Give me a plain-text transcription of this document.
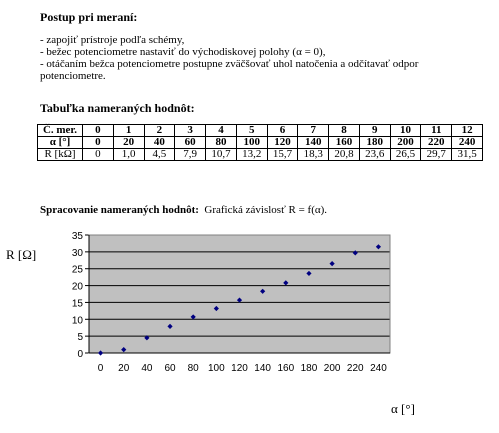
Postup pri meraní:
- zapojiť prístroje podľa schémy,
- bežec potenciometre nastaviť do východiskovej polohy (α = 0),
- otáčaním bežca potenciometre postupne zväčšovať uhol natočenia a odčítavať odpor potenciometre.
Tabuľka nameraných hodnôt:
Č. mer.	0	1	2	3	4	5	6	7	8	9	10	11	12
α [°]	0	20	40	60	80	100	120	140	160	180	200	220	240
R [kΩ]	0	1,0	4,5	7,9	10,7	13,2	15,7	18,3	20,8	23,6	26,5	29,7	31,5
Spracovanie nameraných hodnôt: Grafická závislosť R = f(α).
R [Ω]
α [°]
0
5
10
15
20
25
30
35
0 20 40 60 80 100 120 140 160 180 200 220 240
